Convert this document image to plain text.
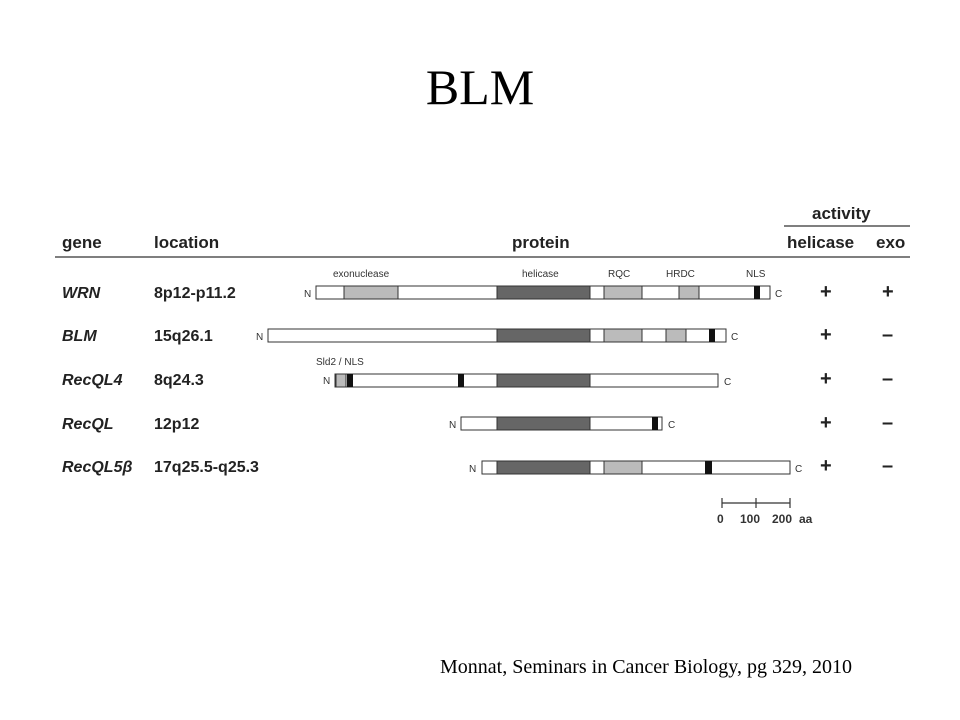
BLM
activity
gene	location	protein	helicase exo
exonuclease	helicase	RQC	HRDC	NLS
Sld2 / NLS
WRN	8p12-p11.2	N	C +	+
BLM	15q26.1	N	C	+	–
RecQL4 8q24.3	N	C	+	–
RecQL	12p12	N	C	+	–
RecQL5β 17q25.5-q25.3	N	C +	–
0 100 200 aa
Monnat, Seminars in Cancer Biology, pg 329, 2010
